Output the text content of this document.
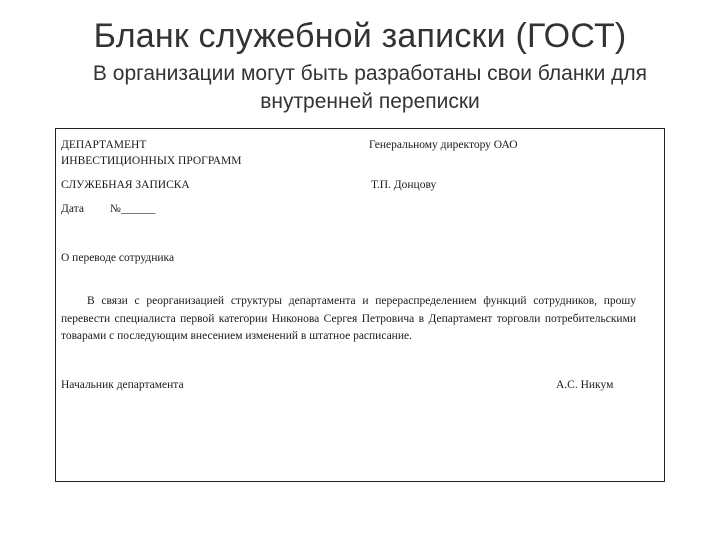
Бланк служебной записки (ГОСТ)
В организации могут быть разработаны свои бланки для внутренней переписки
ДЕПАРТАМЕНТ
ИНВЕСТИЦИОННЫХ ПРОГРАММ
Генеральному директору ОАО
СЛУЖЕБНАЯ ЗАПИСКА	Т.П. Донцову
Дата №______
О переводе сотрудника
В связи с реорганизацией структуры департамента и перераспределением функций сотрудников, прошу перевести специалиста первой категории Никонова Сергея Петровича в Департамент торговли потребительскими товарами с последующим внесением изменений в штатное расписание.
Начальник департамента	А.С. Никум
